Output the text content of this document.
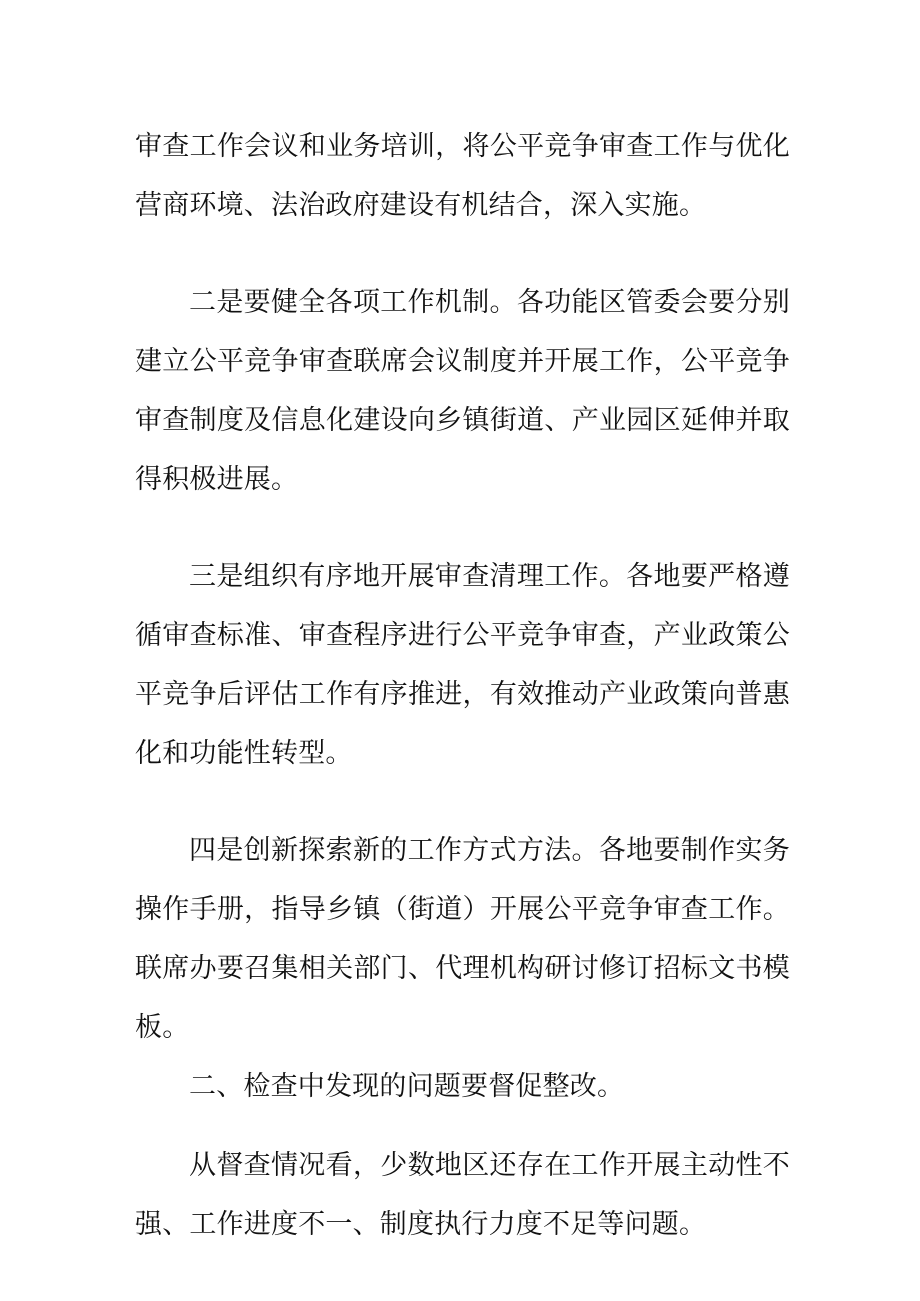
审查工作会议和业务培训，将公平竞争审查工作与优化营商环境、法治政府建设有机结合，深入实施。

二是要健全各项工作机制。各功能区管委会要分别建立公平竞争审查联席会议制度并开展工作，公平竞争审查制度及信息化建设向乡镇街道、产业园区延伸并取得积极进展。

三是组织有序地开展审查清理工作。各地要严格遵循审查标准、审查程序进行公平竞争审查，产业政策公平竞争后评估工作有序推进，有效推动产业政策向普惠化和功能性转型。

四是创新探索新的工作方式方法。各地要制作实务操作手册，指导乡镇（街道）开展公平竞争审查工作。联席办要召集相关部门、代理机构研讨修订招标文书模板。

二、检查中发现的问题要督促整改。

从督查情况看，少数地区还存在工作开展主动性不强、工作进度不一、制度执行力度不足等问题。
